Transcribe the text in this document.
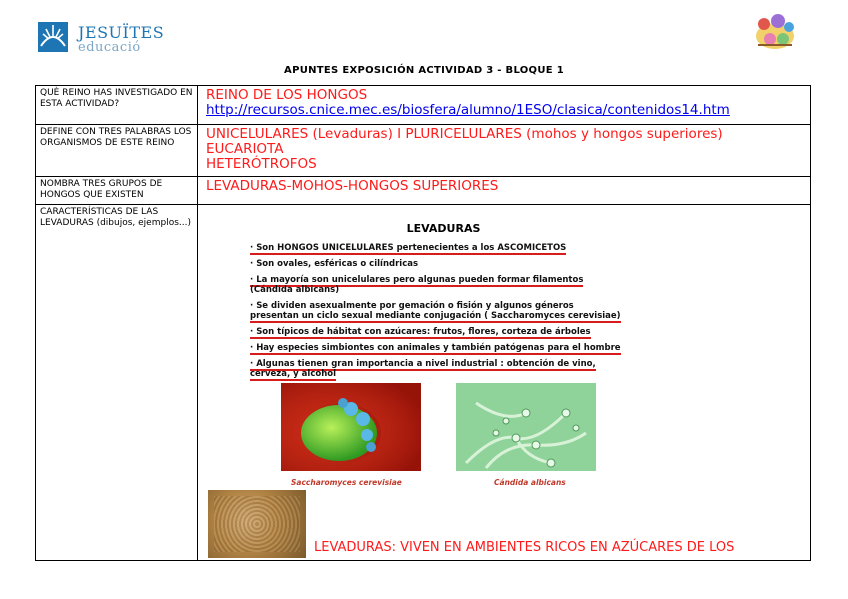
JESUÏTES
educació
APUNTES EXPOSICIÓN ACTIVIDAD 3 - BLOQUE 1
QUÈ REINO HAS INVESTIGADO EN ESTA ACTIVIDAD?
REINO DE LOS HONGOS
http://recursos.cnice.mec.es/biosfera/alumno/1ESO/clasica/contenidos14.htm
DEFINE CON TRES PALABRAS LOS ORGANISMOS DE ESTE REINO
UNICELULARES (Levaduras) I PLURICELULARES (mohos y hongos superiores)
EUCARIOTA
HETERÓTROFOS
NOMBRA TRES GRUPOS DE HONGOS QUE EXISTEN
LEVADURAS-MOHOS-HONGOS SUPERIORES
CARACTERÍSTICAS DE LAS LEVADURAS (dibujos, ejemplos...)	LEVADURAS
· Son HONGOS UNICELULARES pertenecientes a los ASCOMICETOS
· Son ovales, esféricas o cilíndricas
· La mayoría son unicelulares pero algunas pueden formar filamentos
(Cándida albicans)
· Se dividen asexualmente por gemación o fisión y algunos géneros
presentan un ciclo sexual mediante conjugación ( Saccharomyces cerevisiae)
· Son típicos de hábitat con azúcares: frutos, flores, corteza de árboles
· Hay especies simbiontes con animales y también patógenas para el hombre
· Algunas tienen gran importancia a nivel industrial : obtención de vino,
cerveza, y alcohol
Saccharomyces cerevisiae	Cándida albicans
LEVADURAS: VIVEN EN AMBIENTES RICOS EN AZÚCARES DE LOS
